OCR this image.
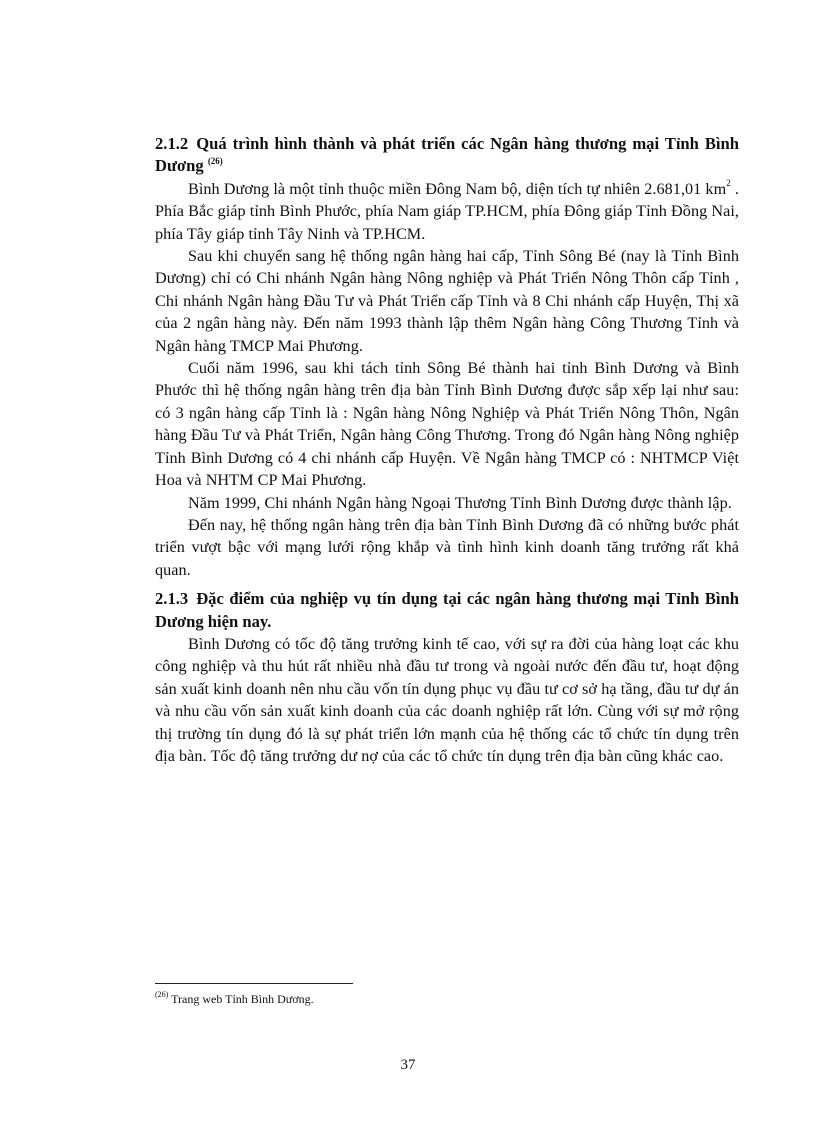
2.1.2 Quá trình hình thành và phát triển các Ngân hàng thương mại Tỉnh Bình Dương $^{(26)}$

Bình Dương là một tỉnh thuộc miền Đông Nam bộ, diện tích tự nhiên 2.681,01 $km^2$ . Phía Bắc giáp tỉnh Bình Phước, phía Nam giáp TP.HCM, phía Đông giáp Tỉnh Đồng Nai, phía Tây giáp tỉnh Tây Ninh và TP.HCM.

Sau khi chuyển sang hệ thống ngân hàng hai cấp, Tỉnh Sông Bé (nay là Tỉnh Bình Dương) chỉ có Chi nhánh Ngân hàng Nông nghiệp và Phát Triển Nông Thôn cấp Tỉnh , Chi nhánh Ngân hàng Đầu Tư và Phát Triển cấp Tỉnh và 8 Chi nhánh cấp Huyện, Thị xã của 2 ngân hàng này. Đến năm 1993 thành lập thêm Ngân hàng Công Thương Tỉnh và Ngân hàng TMCP Mai Phương.

Cuối năm 1996, sau khi tách tỉnh Sông Bé thành hai tỉnh Bình Dương và Bình Phước thì hệ thống ngân hàng trên địa bàn Tỉnh Bình Dương được sắp xếp lại như sau: có 3 ngân hàng cấp Tỉnh là : Ngân hàng Nông Nghiệp và Phát Triển Nông Thôn, Ngân hàng Đầu Tư và Phát Triển, Ngân hàng Công Thương. Trong đó Ngân hàng Nông nghiệp Tỉnh Bình Dương có 4 chi nhánh cấp Huyện. Về Ngân hàng TMCP có : NHTMCP Việt Hoa và NHTM CP Mai Phương.

Năm 1999, Chi nhánh Ngân hàng Ngoại Thương Tỉnh Bình Dương được thành lập.

Đến nay, hệ thống ngân hàng trên địa bàn Tỉnh Bình Dương đã có những bước phát triển vượt bậc với mạng lưới rộng khắp và tình hình kinh doanh tăng trưởng rất khả quan.

2.1.3 Đặc điểm của nghiệp vụ tín dụng tại các ngân hàng thương mại Tỉnh Bình Dương hiện nay.

Bình Dương có tốc độ tăng trưởng kinh tế cao, với sự ra đời của hàng loạt các khu công nghiệp và thu hút rất nhiều nhà đầu tư trong và ngoài nước đến đầu tư, hoạt động sản xuất kinh doanh nên nhu cầu vốn tín dụng phục vụ đầu tư cơ sở hạ tầng, đầu tư dự án và nhu cầu vốn sản xuất kinh doanh của các doanh nghiệp rất lớn. Cùng với sự mở rộng thị trường tín dụng đó là sự phát triển lớn mạnh của hệ thống các tổ chức tín dụng trên địa bàn. Tốc độ tăng trưởng dư nợ của các tổ chức tín dụng trên địa bàn cũng khác cao.

$^{(26)}$ Trang web Tỉnh Bình Dương.
37
